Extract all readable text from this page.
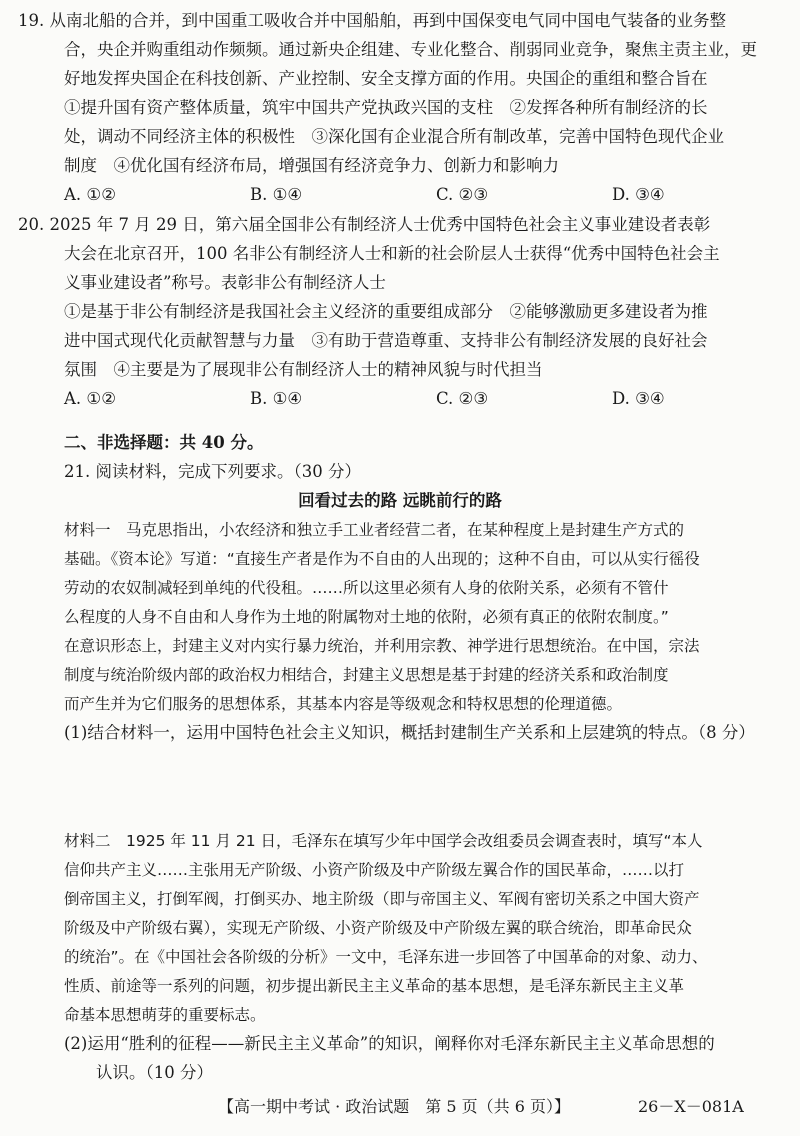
19. 从南北船的合并，到中国重工吸收合并中国船舶，再到中国保变电气同中国电气装备的业务整
合，央企并购重组动作频频。通过新央企组建、专业化整合、削弱同业竞争，聚焦主责主业，更
好地发挥央国企在科技创新、产业控制、安全支撑方面的作用。央国企的重组和整合旨在
①提升国有资产整体质量，筑牢中国共产党执政兴国的支柱　②发挥各种所有制经济的长
处，调动不同经济主体的积极性　③深化国有企业混合所有制改革，完善中国特色现代企业
制度　④优化国有经济布局，增强国有经济竞争力、创新力和影响力
A. ①②	B. ①④	C. ②③	D. ③④
20. 2025 年 7 月 29 日，第六届全国非公有制经济人士优秀中国特色社会主义事业建设者表彰
大会在北京召开，100 名非公有制经济人士和新的社会阶层人士获得“优秀中国特色社会主
义事业建设者”称号。表彰非公有制经济人士
①是基于非公有制经济是我国社会主义经济的重要组成部分　②能够激励更多建设者为推
进中国式现代化贡献智慧与力量　③有助于营造尊重、支持非公有制经济发展的良好社会
氛围　④主要是为了展现非公有制经济人士的精神风貌与时代担当
A. ①②	B. ①④	C. ②③	D. ③④
二、非选择题：共 40 分。
21. 阅读材料，完成下列要求。（30 分）
回看过去的路 远眺前行的路
材料一　马克思指出，小农经济和独立手工业者经营二者，在某种程度上是封建生产方式的
基础。《资本论》写道：“直接生产者是作为不自由的人出现的；这种不自由，可以从实行徭役
劳动的农奴制减轻到单纯的代役租。……所以这里必须有人身的依附关系，必须有不管什
么程度的人身不自由和人身作为土地的附属物对土地的依附，必须有真正的依附农制度。”
在意识形态上，封建主义对内实行暴力统治，并利用宗教、神学进行思想统治。在中国，宗法
制度与统治阶级内部的政治权力相结合，封建主义思想是基于封建的经济关系和政治制度
而产生并为它们服务的思想体系，其基本内容是等级观念和特权思想的伦理道德。
(1)结合材料一，运用中国特色社会主义知识，概括封建制生产关系和上层建筑的特点。（8 分）
材料二　1925 年 11 月 21 日，毛泽东在填写少年中国学会改组委员会调查表时，填写“本人
信仰共产主义……主张用无产阶级、小资产阶级及中产阶级左翼合作的国民革命，……以打
倒帝国主义，打倒军阀，打倒买办、地主阶级（即与帝国主义、军阀有密切关系之中国大资产
阶级及中产阶级右翼），实现无产阶级、小资产阶级及中产阶级左翼的联合统治，即革命民众
的统治”。在《中国社会各阶级的分析》一文中，毛泽东进一步回答了中国革命的对象、动力、
性质、前途等一系列的问题，初步提出新民主主义革命的基本思想，是毛泽东新民主主义革
命基本思想萌芽的重要标志。
(2)运用“胜利的征程——新民主主义革命”的知识，阐释你对毛泽东新民主主义革命思想的
认识。（10 分）
【高一期中考试 · 政治试题　第 5 页（共 6 页）】	26－X－081A
